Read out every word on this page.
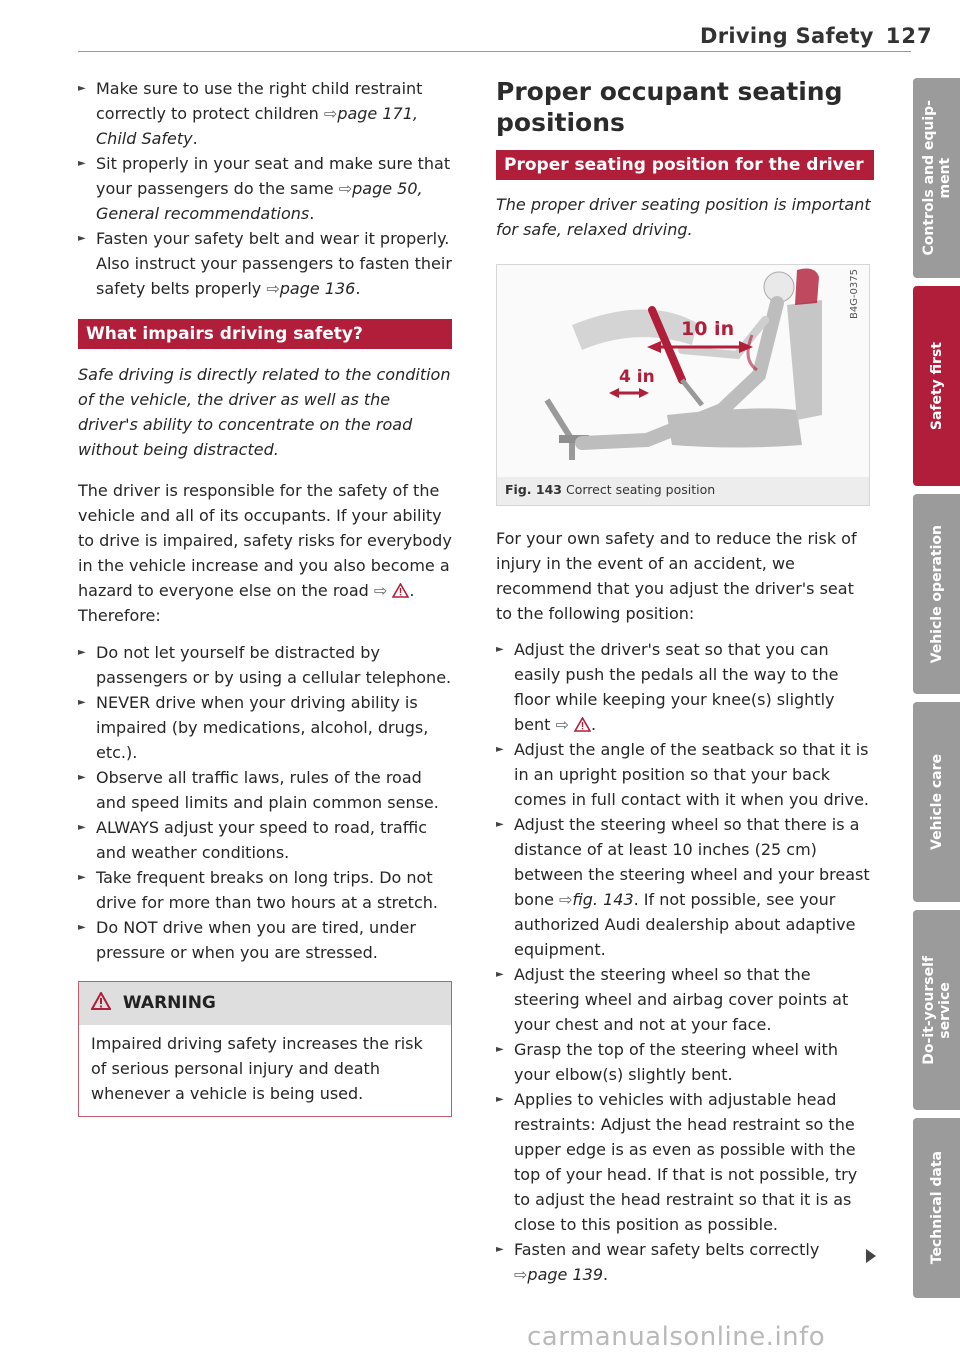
Driving Safety 127
► Make sure to use the right child restraint correctly to protect children ⇨page 171, Child Safety.
► Sit properly in your seat and make sure that your passengers do the same ⇨page 50, General recommendations.
► Fasten your safety belt and wear it properly. Also instruct your passengers to fasten their safety belts properly ⇨page 136.
What impairs driving safety?

Safe driving is directly related to the condition of the vehicle, the driver as well as the driver's ability to concentrate on the road without being distracted.

The driver is responsible for the safety of the vehicle and all of its occupants. If your ability to drive is impaired, safety risks for everybody in the vehicle increase and you also become a hazard to everyone else on the road ⇨ .

Therefore:

► Do not let yourself be distracted by passengers or by using a cellular telephone.
► NEVER drive when your driving ability is impaired (by medications, alcohol, drugs, etc.).
► Observe all traffic laws, rules of the road and speed limits and plain common sense.
► ALWAYS adjust your speed to road, traffic and weather conditions.
► Take frequent breaks on long trips. Do not drive for more than two hours at a stretch.
► Do NOT drive when you are tired, under pressure or when you are stressed.
WARNING
Impaired driving safety increases the risk of serious personal injury and death whenever a vehicle is being used.
Proper occupant seating positions
Proper seating position for the driver

The proper driver seating position is important for safe, relaxed driving.

10 in
4 in
B4G-0375
Fig. 143 Correct seating position

For your own safety and to reduce the risk of injury in the event of an accident, we recommend that you adjust the driver's seat to the following position:

► Adjust the driver's seat so that you can easily push the pedals all the way to the floor while keeping your knee(s) slightly bent ⇨ .
► Adjust the angle of the seatback so that it is in an upright position so that your back comes in full contact with it when you drive.
► Adjust the steering wheel so that there is a distance of at least 10 inches (25 cm) between the steering wheel and your breast bone ⇨fig. 143. If not possible, see your authorized Audi dealership about adaptive equipment.
► Adjust the steering wheel so that the steering wheel and airbag cover points at your chest and not at your face.
► Grasp the top of the steering wheel with your elbow(s) slightly bent.
► Applies to vehicles with adjustable head restraints: Adjust the head restraint so the upper edge is as even as possible with the top of your head. If that is not possible, try to adjust the head restraint so that it is as close to this position as possible.
► Fasten and wear safety belts correctly ⇨page 139.
Controls and equip-
ment
Safety first
Vehicle operation
Vehicle care
Do-it-yourself
service
Technical data
carmanualsonline.info
